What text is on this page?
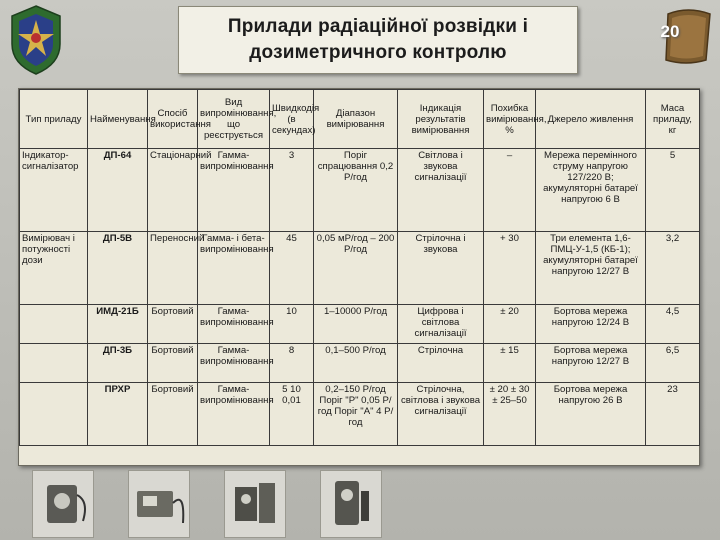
Прилади радіаційної розвідки і
дозиметричного контролю
20
Тип приладу	Найменування	Спосіб використання	Вид випромінювання, що реєструється	Швидкодія (в секундах)	Діапазон вимірювання	Індикація результатів вимірювання	Похибка вимірювання, %	Джерело живлення	Маса приладу, кг
Індикатор-сигналізатор	ДП-64	Стаціонарний	Гамма-випромінювання	3	Поріг спрацювання 0,2 Р/год	Світлова і звукова сигналізації	–	Мережа перемінного струму напругою 127/220 В; акумуляторні батареї напругою 6 В	5
Вимірювач і потужності дози	ДП-5В	Переносний	Гамма- і бета-випромінювання	45	0,05 мР/год – 200 Р/год	Стрілочна і звукова	+ 30	Три елемента 1,6-ПМЦ-У-1,5 (КБ-1); акумуляторні батареї напругою 12/27 В	3,2
	ИМД-21Б	Бортовий	Гамма-випромінювання	10	1–10000 Р/год	Цифрова і світлова сигналізації	± 20	Бортова мережа напругою 12/24 В	4,5
	ДП-3Б	Бортовий	Гамма-випромінювання	8	0,1–500 Р/год	Стрілочна	± 15	Бортова мережа напругою 12/27 В	6,5
	ПРХР	Бортовий	Гамма-випромінювання	5 10 0,01	0,2–150 Р/год Поріг "Р" 0,05 Р/год Поріг "А" 4 Р/год	Стрілочна, світлова і звукова сигналізації	± 20 ± 30 ± 25–50	Бортова мережа напругою 26 В	23
